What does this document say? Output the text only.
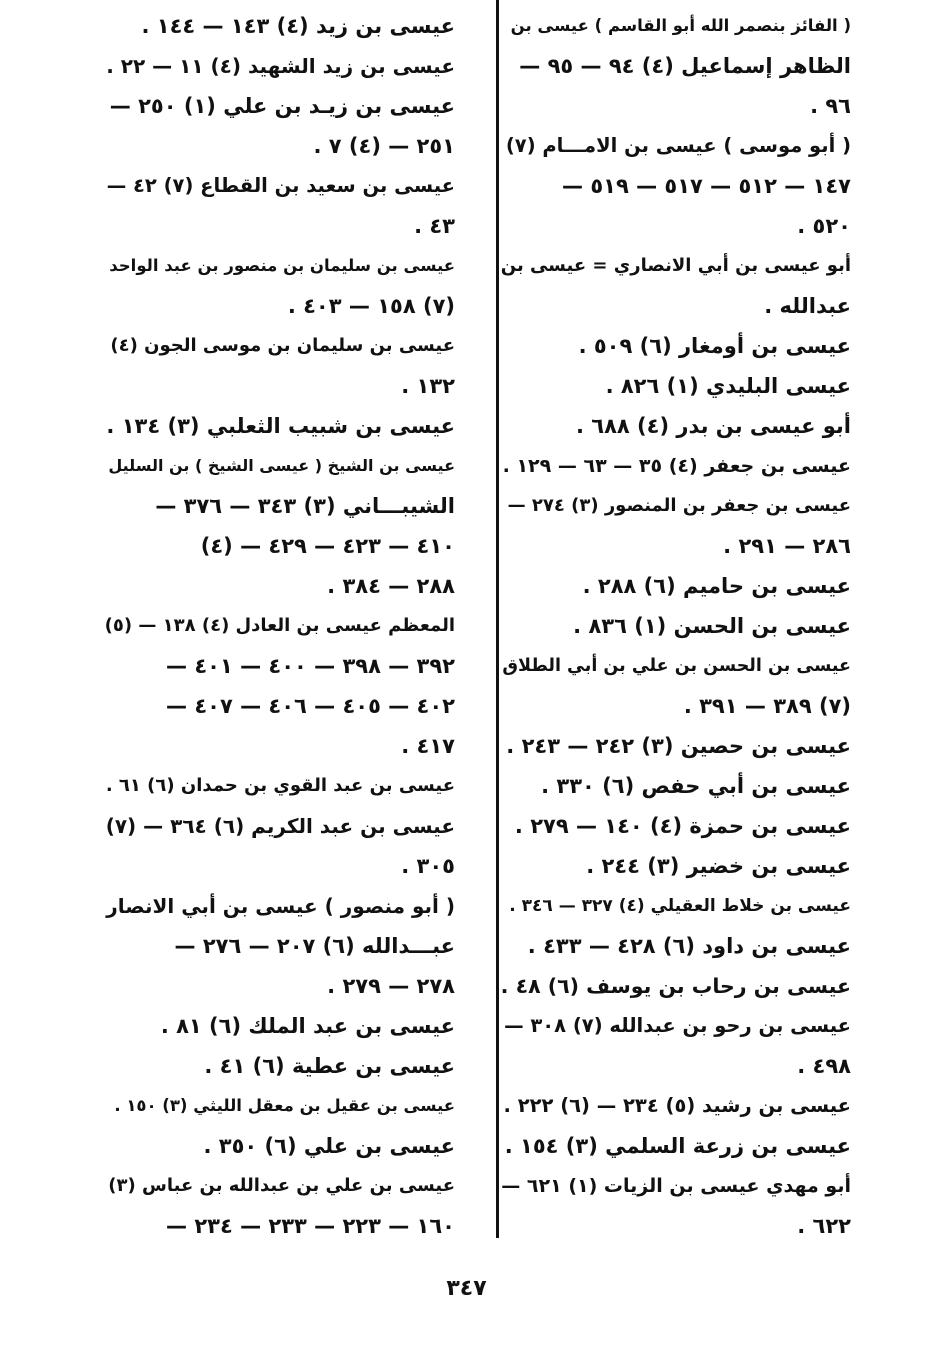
( الفائز بنصمر الله أبو القاسم ) عيسى بن
الظاهر إسماعيل (٤) ٩٤ — ٩٥ —
٩٦ .
( أبو موسى ) عيسى بن الامـــام (٧)
١٤٧ — ٥١٢ — ٥١٧ — ٥١٩ —
٥٢٠ .
أبو عيسى بن أبي الانصاري = عيسى بن
عبدالله .
عيسى بن أومغار (٦) ٥٠٩ .
عيسى البليدي (١) ٨٢٦ .
أبو عيسى بن بدر (٤) ٦٨٨ .
عيسى بن جعفر (٤) ٣٥ — ٦٣ — ١٢٩ .
عيسى بن جعفر بن المنصور (٣) ٢٧٤ —
٢٨٦ — ٢٩١ .
عيسى بن حاميم (٦) ٢٨٨ .
عيسى بن الحسن (١) ٨٣٦ .
عيسى بن الحسن بن علي بن أبي الطلاق
(٧) ٣٨٩ — ٣٩١ .
عيسى بن حصين (٣) ٢٤٢ — ٢٤٣ .
عيسى بن أبي حفص (٦) ٣٣٠ .
عيسى بن حمزة (٤) ١٤٠ — ٢٧٩ .
عيسى بن خضير (٣) ٢٤٤ .
عيسى بن خلاط العقيلي (٤) ٣٢٧ — ٣٤٦ .
عيسى بن داود (٦) ٤٢٨ — ٤٣٣ .
عيسى بن رحاب بن يوسف (٦) ٤٨ .
عيسى بن رحو بن عبدالله (٧) ٣٠٨ —
٤٩٨ .
عيسى بن رشيد (٥) ٢٣٤ — (٦) ٢٢٢ .
عيسى بن زرعة السلمي (٣) ١٥٤ .
أبو مهدي عيسى بن الزيات (١) ٦٢١ —
٦٢٢ .
عيسى بن زيد (٤) ١٤٣ — ١٤٤ .
عيسى بن زيد الشهيد (٤) ١١ — ٢٢ .
عيسى بن زيـد بن علي (١) ٢٥٠ —
٢٥١ — (٤) ٧ .
عيسى بن سعيد بن القطاع (٧) ٤٢ —
٤٣ .
عيسى بن سليمان بن منصور بن عبد الواحد
(٧) ١٥٨ — ٤٠٣ .
عيسى بن سليمان بن موسى الجون (٤)
١٣٢ .
عيسى بن شبيب الثعلبي (٣) ١٣٤ .
عيسى بن الشيخ ( عيسى الشيخ ) بن السليل
الشيبـــاني (٣) ٣٤٣ — ٣٧٦ —
٤١٠ — ٤٢٣ — ٤٢٩ — (٤)
٢٨٨ — ٣٨٤ .
المعظم عيسى بن العادل (٤) ١٣٨ — (٥)
٣٩٢ — ٣٩٨ — ٤٠٠ — ٤٠١ —
٤٠٢ — ٤٠٥ — ٤٠٦ — ٤٠٧ —
٤١٧ .
عيسى بن عبد القوي بن حمدان (٦) ٦١ .
عيسى بن عبد الكريم (٦) ٣٦٤ — (٧)
٣٠٥ .
( أبو منصور ) عيسى بن أبي الانصار
عبـــدالله (٦) ٢٠٧ — ٢٧٦ —
٢٧٨ — ٢٧٩ .
عيسى بن عبد الملك (٦) ٨١ .
عيسى بن عطية (٦) ٤١ .
عيسى بن عقيل بن معقل الليثي (٣) ١٥٠ .
عيسى بن علي (٦) ٣٥٠ .
عيسى بن علي بن عبدالله بن عباس (٣)
١٦٠ — ٢٢٣ — ٢٣٣ — ٢٣٤ —
٣٤٧
